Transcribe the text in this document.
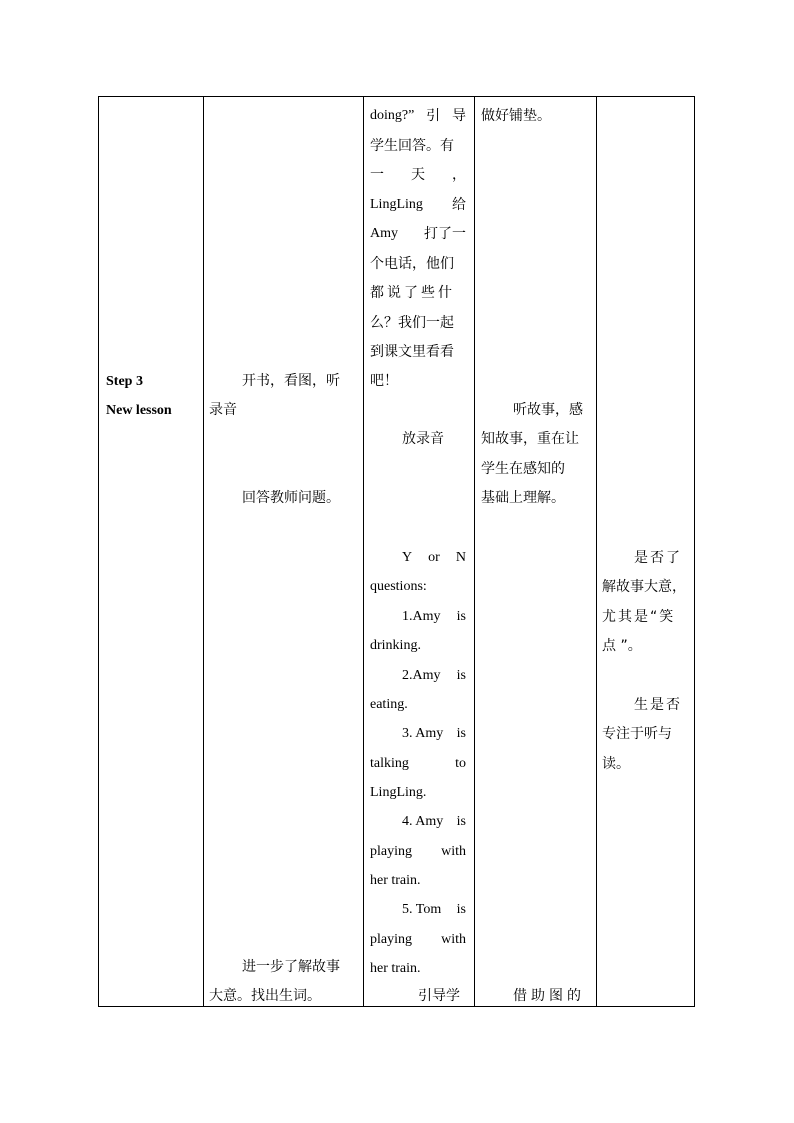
Step 3
New lesson
开书，看图，听
录音
回答教师问题。
进一步了解故事
大意。找出生词。
doing?” 引 导
学生回答。有
一 天 ，
LingLing 给
Amy 打了一
个电话，他们
都说了些什
么？我们一起
到课文里看看
吧！
放录音
Y or N
questions:
1.Amy is
drinking.
2.Amy is
eating.
3. Amy is
talking	to
LingLing.
4. Amy is
playing with
her train.
5. Tom is
playing with
her train.
引导学
做好铺垫。
听故事，感
知故事，重在让
学生在感知的
基础上理解。
借助图的
是否了
解故事大意，
尤其是“笑
点 ”。
生是否
专注于听与
读。
